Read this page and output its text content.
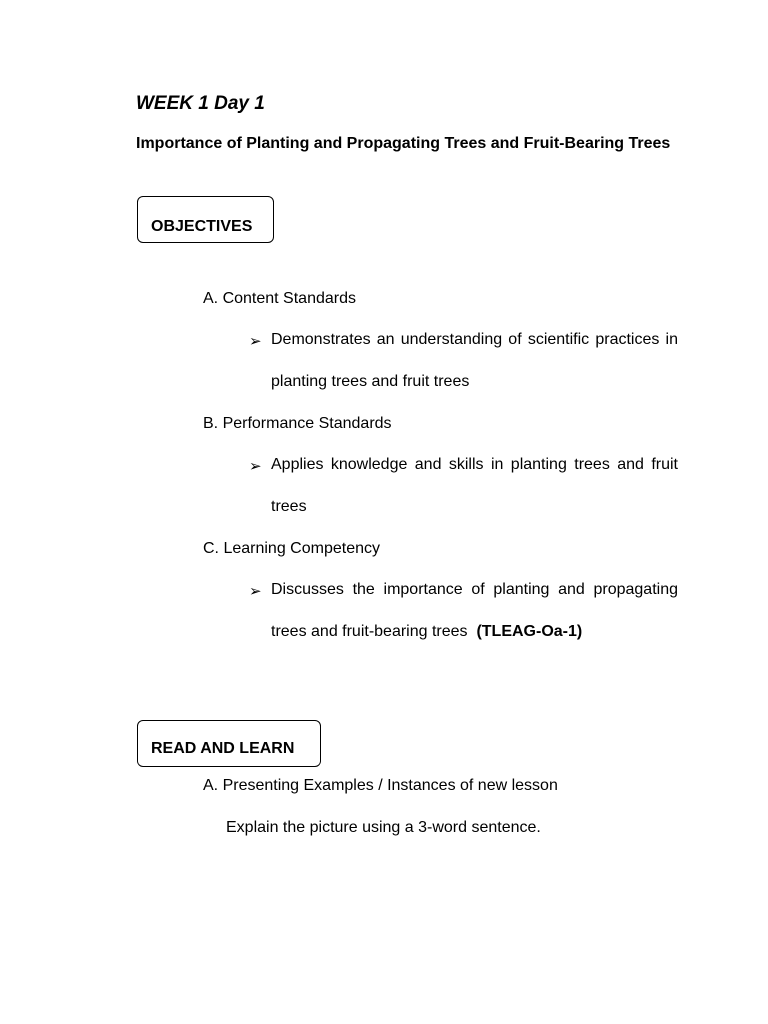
WEEK 1 Day 1
Importance of Planting and Propagating Trees and Fruit-Bearing Trees
OBJECTIVES
A. Content Standards
➢ Demonstrates an understanding of scientific practices in planting trees and fruit trees
B. Performance Standards
➢ Applies knowledge and skills in planting trees and fruit trees
C. Learning Competency
➢ Discusses the importance of planting and propagating trees and fruit-bearing trees (TLEAG-Oa-1)
READ AND LEARN
A. Presenting Examples / Instances of new lesson
Explain the picture using a 3-word sentence.
